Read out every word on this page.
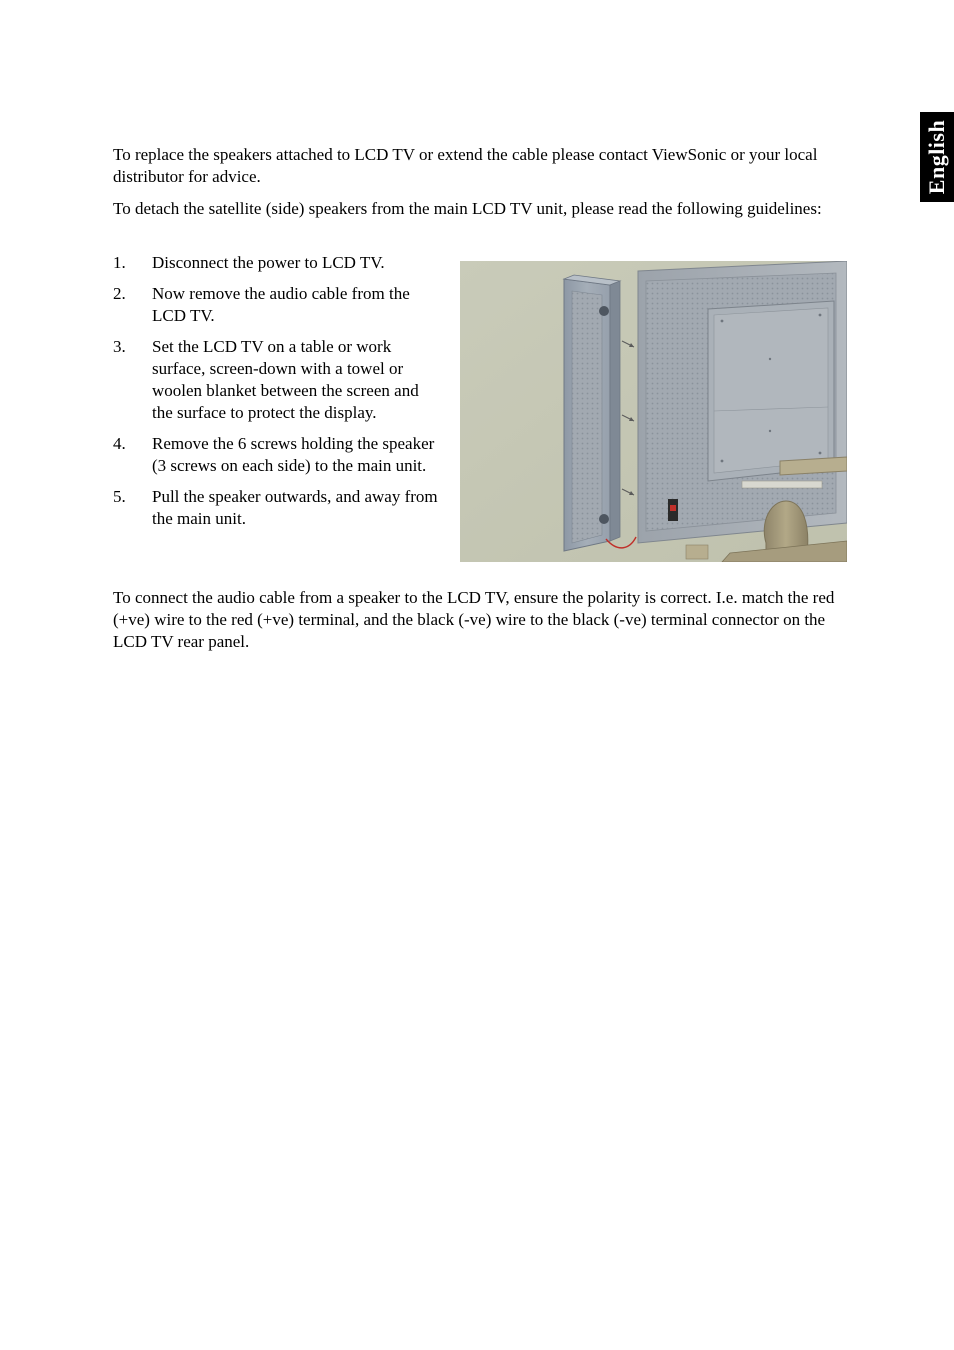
English

To replace the speakers attached to LCD TV or extend the cable please contact ViewSonic or your local distributor for advice.

To detach the satellite (side) speakers from the main LCD TV unit, please read the following guidelines:

1.	Disconnect the power to LCD TV.
2.	Now remove the audio cable from the LCD TV.
3.	Set the LCD TV on a table or work surface, screen-down with a towel or woolen blanket between the screen and the surface to protect the display.
4.	Remove the 6 screws holding the speaker (3 screws on each side) to the main unit.
5.	Pull the speaker outwards, and away from the main unit.

To connect the audio cable from a speaker to the LCD TV, ensure the polarity is correct. I.e. match the red (+ve) wire to the red (+ve) terminal, and the black (-ve) wire to the black (-ve) terminal connector on the LCD TV rear panel.
